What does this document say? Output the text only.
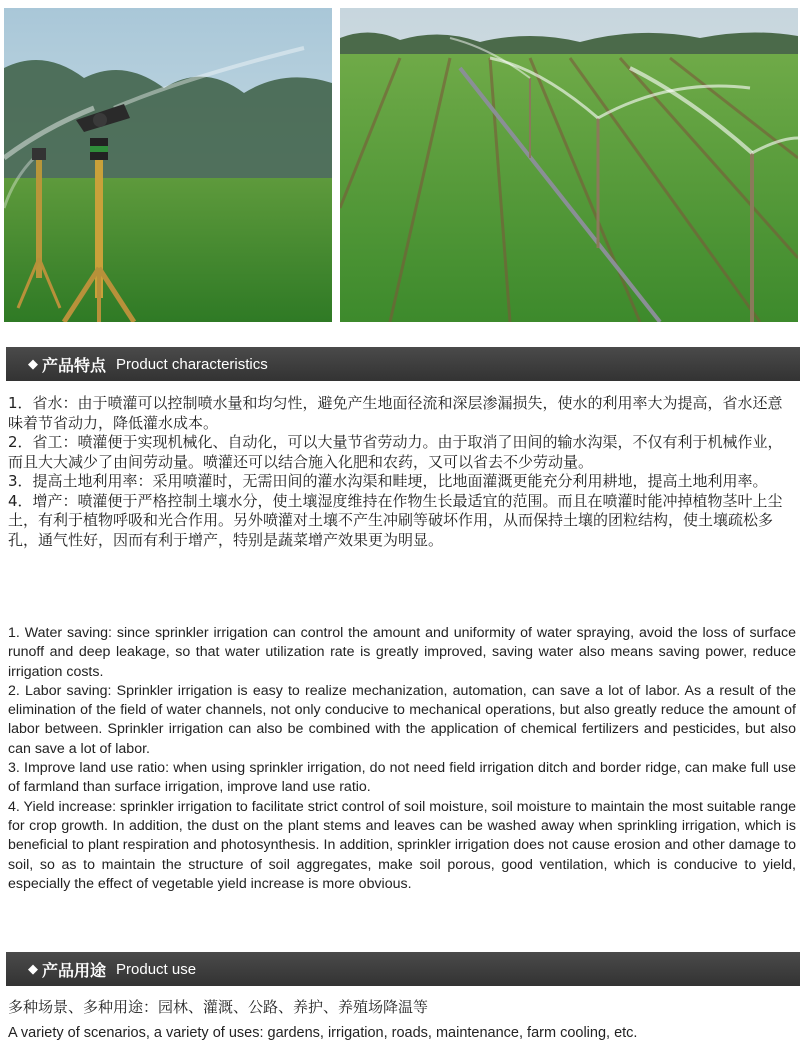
◆ 产品特点 Product characteristics
1．省水：由于喷灌可以控制喷水量和均匀性，避免产生地面径流和深层渗漏损失，使水的利用率大为提高，省水还意味着节省动力，降低灌水成本。
2．省工：喷灌便于实现机械化、自动化，可以大量节省劳动力。由于取消了田间的输水沟渠，不仅有利于机械作业，而且大大减少了由间劳动量。喷灌还可以结合施入化肥和农药，又可以省去不少劳动量。
3．提高土地利用率：采用喷灌时，无需田间的灌水沟渠和畦埂，比地面灌溉更能充分利用耕地，提高土地利用率。
4．增产：喷灌便于严格控制土壤水分，使土壤湿度维持在作物生长最适宜的范围。而且在喷灌时能冲掉植物茎叶上尘土，有利于植物呼吸和光合作用。另外喷灌对土壤不产生冲刷等破坏作用，从而保持土壤的团粒结构，使土壤疏松多孔，通气性好，因而有利于增产，特别是蔬菜增产效果更为明显。
1. Water saving: since sprinkler irrigation can control the amount and uniformity of water spraying, avoid the loss of surface runoff and deep leakage, so that water utilization rate is greatly improved, saving water also means saving power, reduce irrigation costs.
2. Labor saving: Sprinkler irrigation is easy to realize mechanization, automation, can save a lot of labor. As a result of the elimination of the field of water channels, not only conducive to mechanical operations, but also greatly reduce the amount of labor between. Sprinkler irrigation can also be combined with the application of chemical fertilizers and pesticides, but also can save a lot of labor.
3. Improve land use ratio: when using sprinkler irrigation, do not need field irrigation ditch and border ridge, can make full use of farmland than surface irrigation, improve land use ratio.
4. Yield increase: sprinkler irrigation to facilitate strict control of soil moisture, soil moisture to maintain the most suitable range for crop growth. In addition, the dust on the plant stems and leaves can be washed away when sprinkling irrigation, which is beneficial to plant respiration and photosynthesis. In addition, sprinkler irrigation does not cause erosion and other damage to soil, so as to maintain the structure of soil aggregates, make soil porous, good ventilation, which is conducive to yield, especially the effect of vegetable yield increase is more obvious.
◆ 产品用途 Product use
多种场景、多种用途：园林、灌溉、公路、养护、养殖场降温等
A variety of scenarios, a variety of uses: gardens, irrigation, roads, maintenance, farm cooling, etc.
